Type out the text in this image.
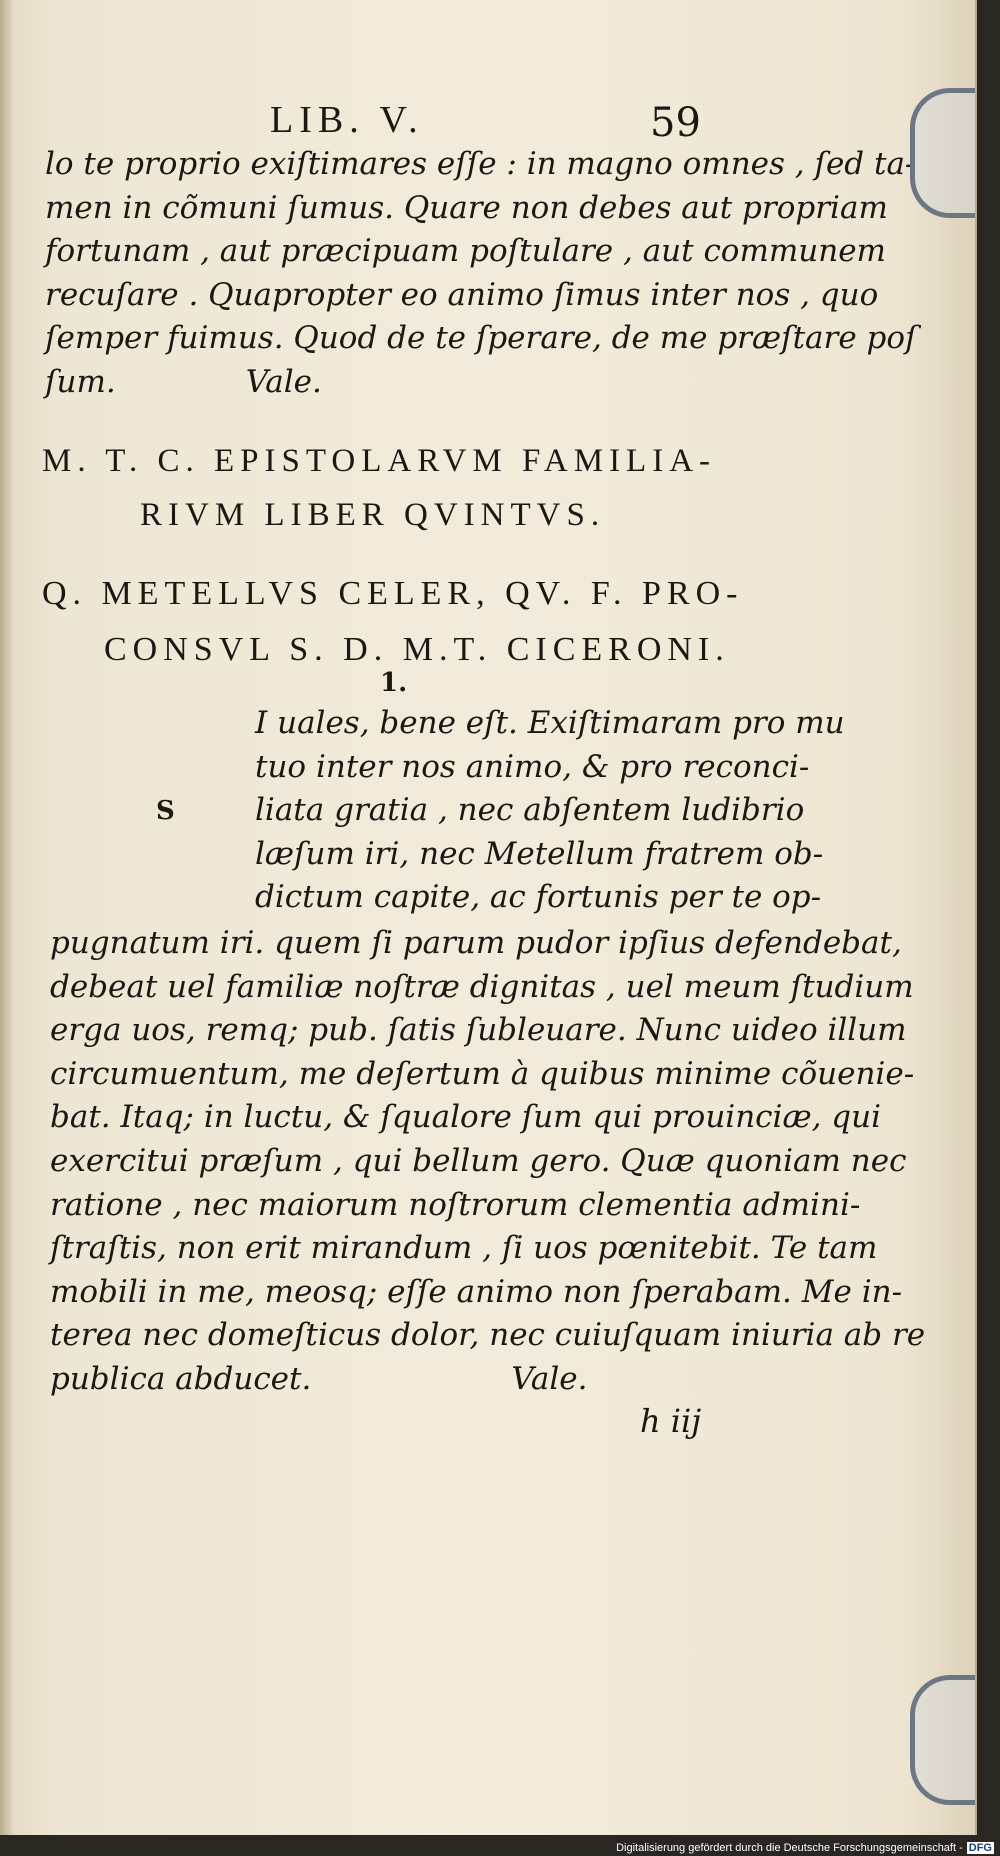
LIB. V.	59
lo te proprio exiſtimares eſſe : in magno omnes , ſed ta-
men in cõmuni ſumus. Quare non debes aut propriam
fortunam , aut præcipuam poſtulare , aut communem
recuſare . Quapropter eo animo ſimus inter nos , quo
ſemper fuimus. Quod de te ſperare, de me præſtare poſ
ſum.	Vale.
M. T. C. EPISTOLARVM FAMILIA-
RIVM LIBER QVINTVS.
Q. METELLVS CELER, QV. F. PRO-
CONSVL S. D. M.T. CICERONI.
1.
S
I uales, bene eſt. Exiſtimaram pro mu
tuo inter nos animo, & pro reconci-
liata gratia , nec abſentem ludibrio
læſum iri, nec Metellum fratrem ob-
dictum capite, ac fortunis per te op-
pugnatum iri. quem ſi parum pudor ipſius defendebat,
debeat uel familiæ noſtræ dignitas , uel meum ſtudium
erga uos, remq; pub. ſatis ſubleuare. Nunc uideo illum
circumuentum, me deſertum à quibus minime cõuenie-
bat. Itaq; in luctu, & ſqualore ſum qui prouinciæ, qui
exercitui præſum , qui bellum gero. Quæ quoniam nec
ratione , nec maiorum noſtrorum clementia admini-
ſtraſtis, non erit mirandum , ſi uos pœnitebit. Te tam
mobili in me, meosq; eſſe animo non ſperabam. Me in-
terea nec domeſticus dolor, nec cuiuſquam iniuria ab re
publica abducet.	Vale.
h iij
Digitalisierung gefördert durch die Deutsche Forschungsgemeinschaft - DFG
